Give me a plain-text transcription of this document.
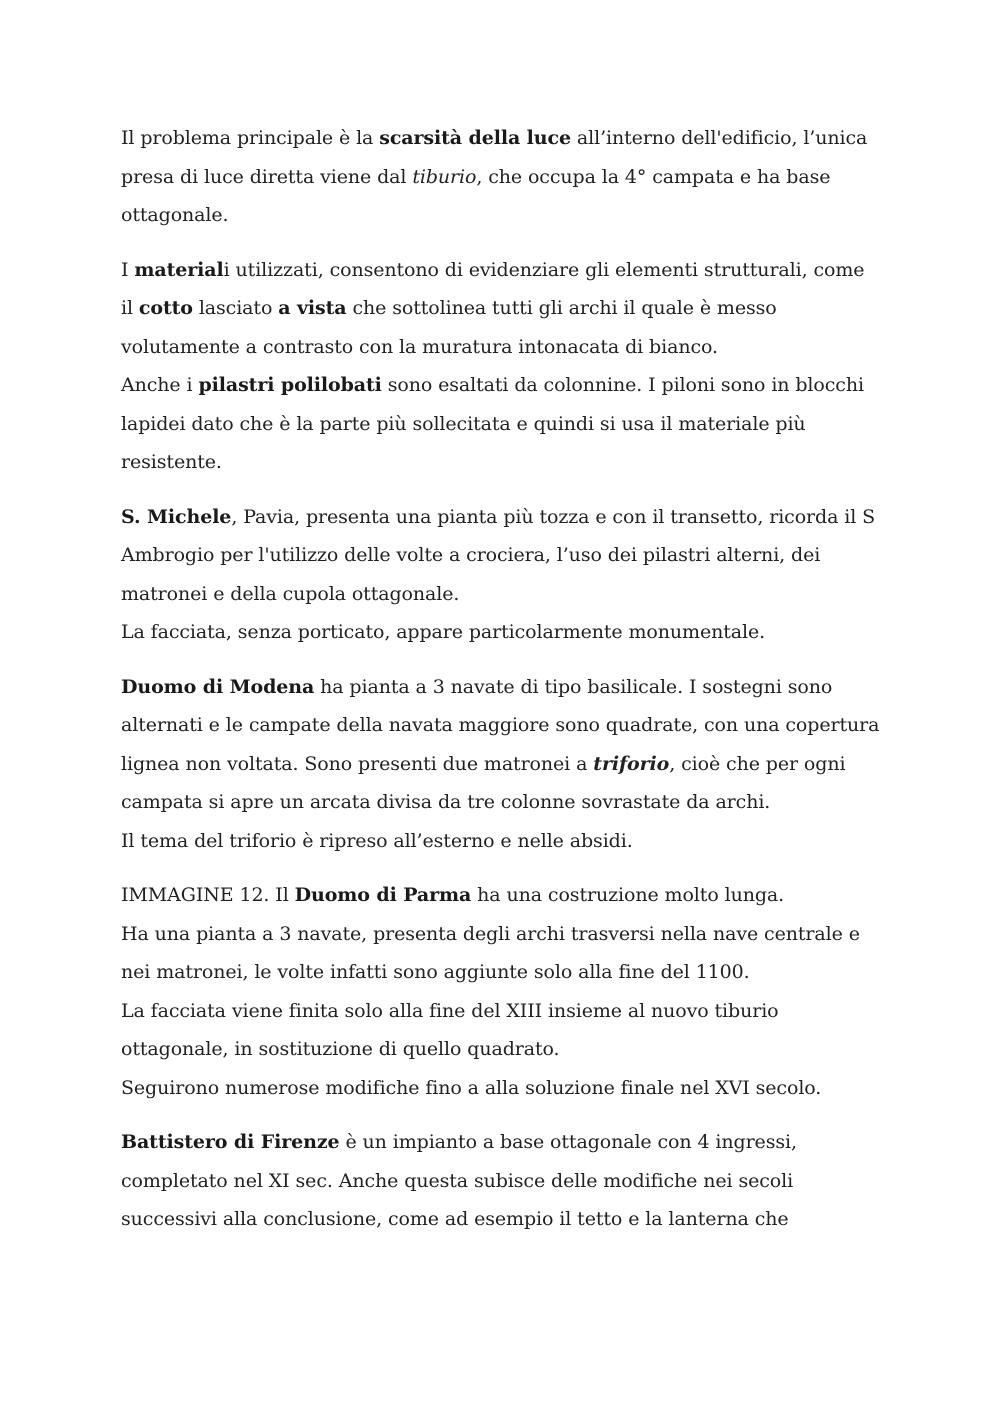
Il problema principale è la scarsità della luce all’interno dell'edificio, l’unica
presa di luce diretta viene dal tiburio, che occupa la 4° campata e ha base
ottagonale.

I materiali utilizzati, consentono di evidenziare gli elementi strutturali, come
il cotto lasciato a vista che sottolinea tutti gli archi il quale è messo
volutamente a contrasto con la muratura intonacata di bianco.
Anche i pilastri polilobati sono esaltati da colonnine. I piloni sono in blocchi
lapidei dato che è la parte più sollecitata e quindi si usa il materiale più
resistente.

S. Michele, Pavia, presenta una pianta più tozza e con il transetto, ricorda il S
Ambrogio per l'utilizzo delle volte a crociera, l’uso dei pilastri alterni, dei
matronei e della cupola ottagonale.
La facciata, senza porticato, appare particolarmente monumentale.

Duomo di Modena ha pianta a 3 navate di tipo basilicale. I sostegni sono
alternati e le campate della navata maggiore sono quadrate, con una copertura
lignea non voltata. Sono presenti due matronei a triforio, cioè che per ogni
campata si apre un arcata divisa da tre colonne sovrastate da archi.
Il tema del triforio è ripreso all’esterno e nelle absidi.

IMMAGINE 12. Il Duomo di Parma ha una costruzione molto lunga.
Ha una pianta a 3 navate, presenta degli archi trasversi nella nave centrale e
nei matronei, le volte infatti sono aggiunte solo alla fine del 1100.
La facciata viene finita solo alla fine del XIII insieme al nuovo tiburio
ottagonale, in sostituzione di quello quadrato.
Seguirono numerose modifiche fino a alla soluzione finale nel XVI secolo.

Battistero di Firenze è un impianto a base ottagonale con 4 ingressi,
completato nel XI sec. Anche questa subisce delle modifiche nei secoli
successivi alla conclusione, come ad esempio il tetto e la lanterna che
